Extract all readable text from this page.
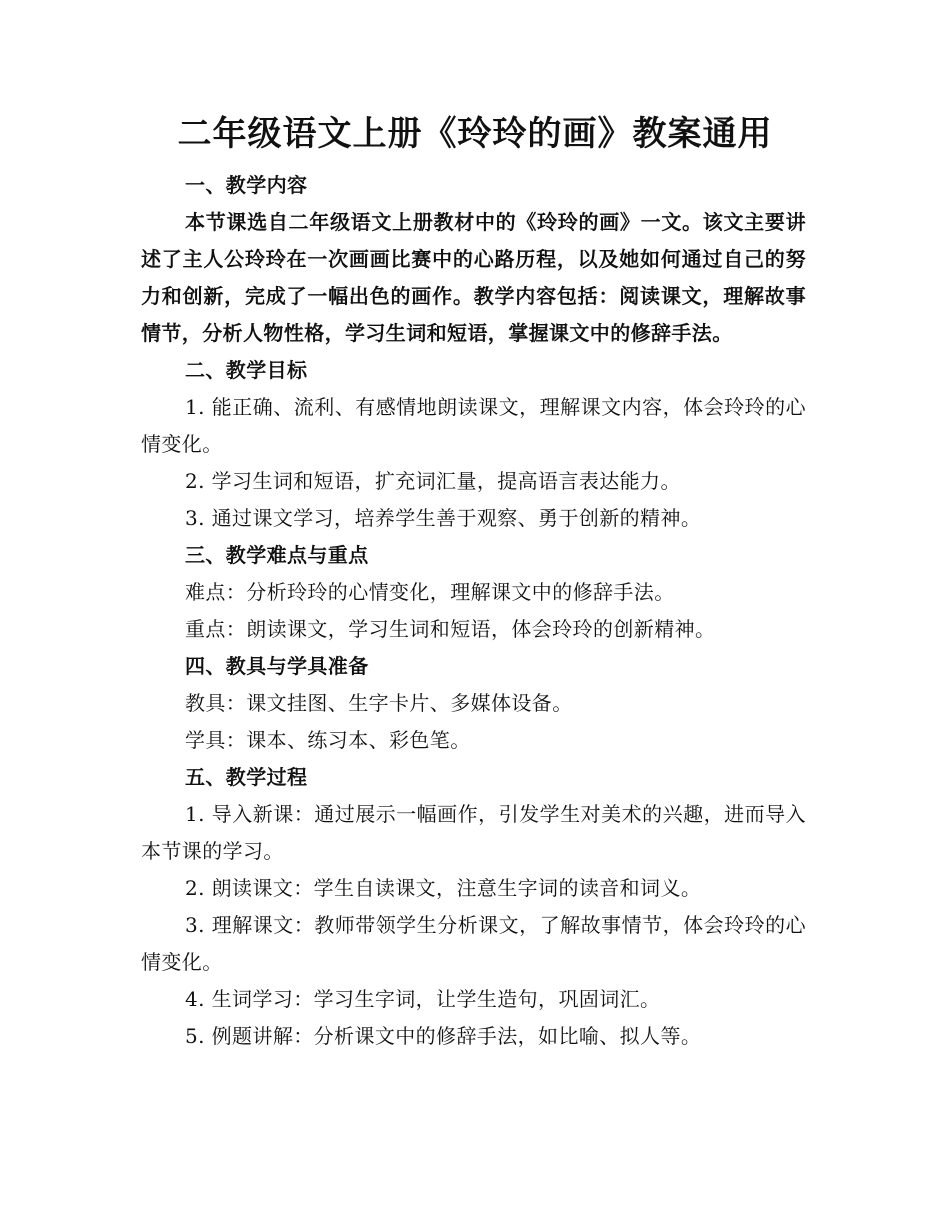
二年级语文上册《玲玲的画》教案通用

一、教学内容

本节课选自二年级语文上册教材中的《玲玲的画》一文。该文主要讲述了主人公玲玲在一次画画比赛中的心路历程，以及她如何通过自己的努力和创新，完成了一幅出色的画作。教学内容包括：阅读课文，理解故事情节，分析人物性格，学习生词和短语，掌握课文中的修辞手法。

二、教学目标

1. 能正确、流利、有感情地朗读课文，理解课文内容，体会玲玲的心情变化。

2. 学习生词和短语，扩充词汇量，提高语言表达能力。

3. 通过课文学习，培养学生善于观察、勇于创新的精神。

三、教学难点与重点

难点：分析玲玲的心情变化，理解课文中的修辞手法。

重点：朗读课文，学习生词和短语，体会玲玲的创新精神。

四、教具与学具准备

教具：课文挂图、生字卡片、多媒体设备。

学具：课本、练习本、彩色笔。

五、教学过程

1. 导入新课：通过展示一幅画作，引发学生对美术的兴趣，进而导入本节课的学习。

2. 朗读课文：学生自读课文，注意生字词的读音和词义。

3. 理解课文：教师带领学生分析课文，了解故事情节，体会玲玲的心情变化。

4. 生词学习：学习生字词，让学生造句，巩固词汇。

5. 例题讲解：分析课文中的修辞手法，如比喻、拟人等。
